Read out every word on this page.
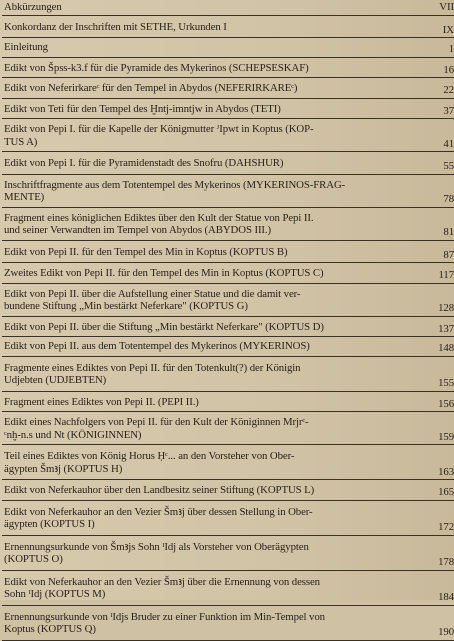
Abkürzungen	VII
Konkordanz der Inschriften mit SETHE, Urkunden I	IX
Einleitung	1
Edikt von Špss-k3.f für die Pyramide des Mykerinos (SCHEPSESKAF)	16
Edikt von Neferirkareᶜ für den Tempel in Abydos (NEFERIRKAREᶜ)	22
Edikt von Teti für den Tempel des Ḫntj-imntjw in Abydos (TETI)	37
Edikt von Pepi I. für die Kapelle der Königmutter ᴶIpwt in Koptus (KOP-
TUS A)	41
Edikt von Pepi I. für die Pyramidenstadt des Snofru (DAHSHUR)	55
Inschriftfragmente aus dem Totentempel des Mykerinos (MYKERINOS-FRAG-
MENTE)	78
Fragment eines königlichen Ediktes über den Kult der Statue von Pepi II.
und seiner Verwandten im Tempel von Abydos (ABYDOS III.)	81
Edikt von Pepi II. für den Tempel des Min in Koptus (KOPTUS B)	87
Zweites Edikt von Pepi II. für den Tempel des Min in Koptus (KOPTUS C)	117
Edikt von Pepi II. über die Aufstellung einer Statue und die damit ver-
bundene Stiftung „Min bestärkt Neferkare" (KOPTUS G)	128
Edikt von Pepi II. über die Stiftung „Min bestärkt Neferkare" (KOPTUS D)	137
Edikt von Pepi II. aus dem Totentempel des Mykerinos (MYKERINOS)	148
Fragmente eines Ediktes von Pepi II. für den Totenkult(?) der Königin
Udjebten (UDJEBTEN)	155
Fragment eines Ediktes von Pepi II. (PEPI II.)	156
Edikt eines Nachfolgers von Pepi II. für den Kult der Königinnen Mrjrᶜ-
ᶜnḫ-n.s und Nt (KÖNIGINNEN)	159
Teil eines Ediktes von König Horus Ḥᶜ... an den Vorsteher von Ober-
ägypten Šmꜣj (KOPTUS H)	163
Edikt von Neferkauhor über den Landbesitz seiner Stiftung (KOPTUS L)	165
Edikt von Neferkauhor an den Vezier Šmꜣj über dessen Stellung in Ober-
ägypten (KOPTUS I)	172
Ernennungsurkunde von Šmꜣjs Sohn ᴵIdj als Vorsteher von Oberägypten
(KOPTUS O)	178
Edikt von Neferkauhor an den Vezier Šmꜣj über die Ernennung von dessen
Sohn ᴵIdj (KOPTUS M)	184
Ernennungsurkunde von ᴵIdjs Bruder zu einer Funktion im Min-Tempel von
Koptus (KOPTUS Q)	190
